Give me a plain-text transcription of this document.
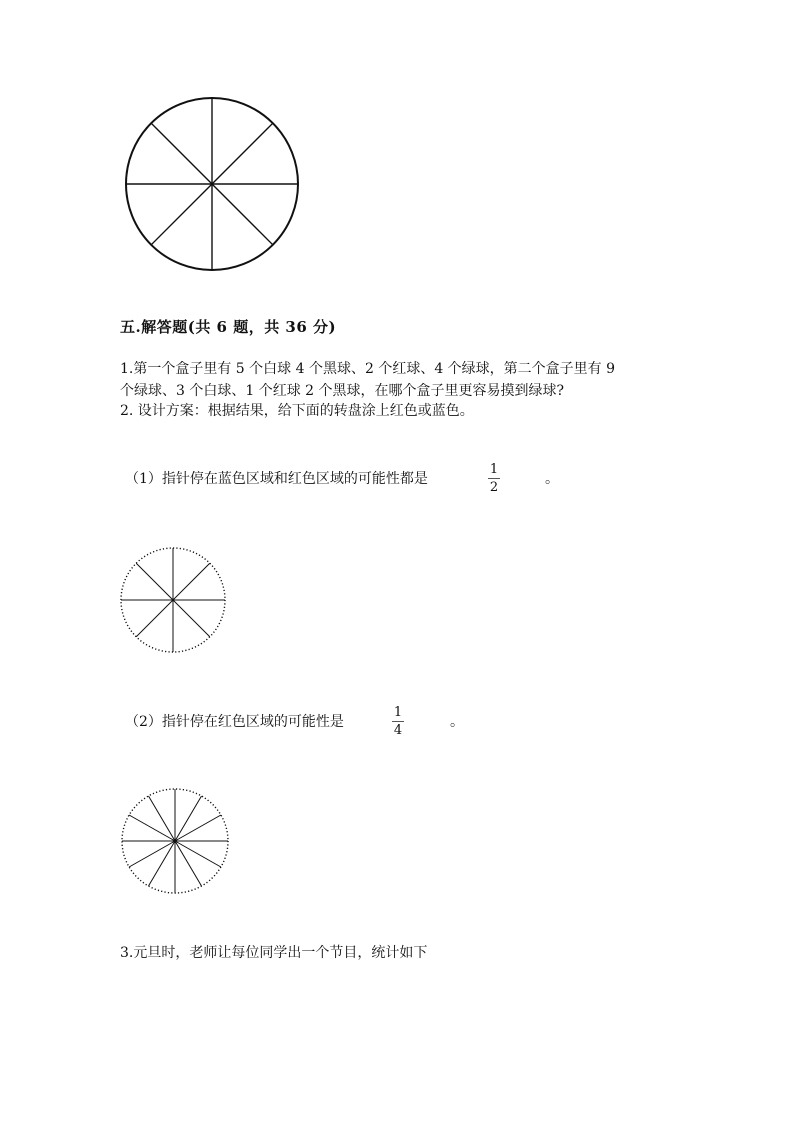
五.解答题(共 6 题，共 36 分)
1.第一个盒子里有 5 个白球 4 个黑球、2 个红球、4 个绿球，第二个盒子里有 9
个绿球、3 个白球、1 个红球 2 个黑球，在哪个盒子里更容易摸到绿球?
2. 设计方案：根据结果，给下面的转盘涂上红色或蓝色。
（1）指针停在蓝色区域和红色区域的可能性都是
1
2
。
（2）指针停在红色区域的可能性是
1
4
。
3.元旦时，老师让每位同学出一个节目，统计如下
